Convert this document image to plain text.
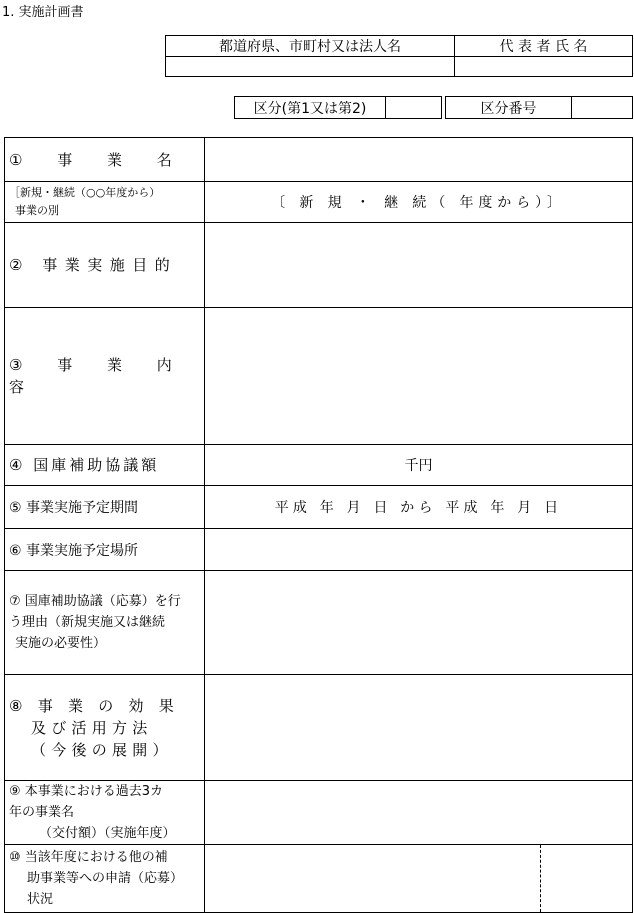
1. 実施計画書
都道府県、市町村又は法人名	代 表 者 氏 名

区分(第1又は第2)			区分番号	
① 事 業 名	

［新規・継続（○○年度から）
事業の別	〔 新 規 ・ 継 続（ 年度から）〕
② 事業実施目的	
③ 事 業 内 容	
④ 国庫補助協議額	千円
⑤ 事業実施予定期間	平成 年 月 日 から 平成 年 月 日
⑥ 事業実施予定場所	

⑦ 国庫補助協議（応募）を行
う理由（新規実施又は継続
実施の必要性）	

⑧ 事 業 の 効 果
及び活用方法
（今後の展開）	

⑨ 本事業における過去3カ
年の事業名
（交付額）（実施年度）	

⑩ 当該年度における他の補
助事業等への申請（応募）
状況	
